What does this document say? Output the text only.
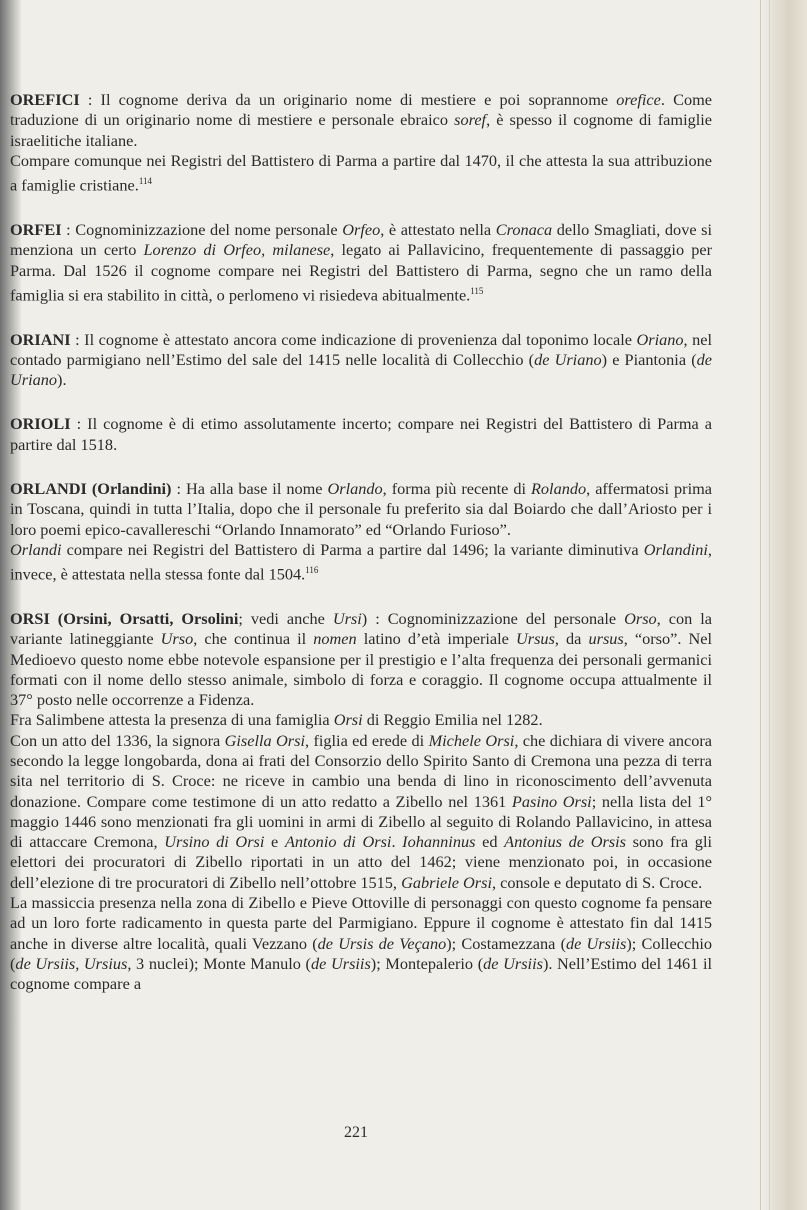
OREFICI : Il cognome deriva da un originario nome di mestiere e poi soprannome orefice. Come traduzione di un originario nome di mestiere e personale ebraico soref, è spesso il cognome di famiglie israelitiche italiane.

Compare comunque nei Registri del Battistero di Parma a partire dal 1470, il che attesta la sua attribuzione a famiglie cristiane.$^{114}$

ORFEI : Cognominizzazione del nome personale Orfeo, è attestato nella Cronaca dello Smagliati, dove si menziona un certo Lorenzo di Orfeo, milanese, legato ai Pallavicino, frequentemente di passaggio per Parma. Dal 1526 il cognome compare nei Registri del Battistero di Parma, segno che un ramo della famiglia si era stabilito in città, o perlomeno vi risiedeva abitualmente.$^{115}$

ORIANI : Il cognome è attestato ancora come indicazione di provenienza dal toponimo locale Oriano, nel contado parmigiano nell’Estimo del sale del 1415 nelle località di Collecchio (de Uriano) e Piantonia (de Uriano).

ORIOLI : Il cognome è di etimo assolutamente incerto; compare nei Registri del Battistero di Parma a partire dal 1518.

ORLANDI (Orlandini) : Ha alla base il nome Orlando, forma più recente di Rolando, affermatosi prima in Toscana, quindi in tutta l’Italia, dopo che il personale fu preferito sia dal Boiardo che dall’Ariosto per i loro poemi epico-cavallereschi “Orlando Innamorato” ed “Orlando Furioso”.

Orlandi compare nei Registri del Battistero di Parma a partire dal 1496; la variante diminutiva Orlandini, invece, è attestata nella stessa fonte dal 1504.$^{116}$

ORSI (Orsini, Orsatti, Orsolini; vedi anche Ursi) : Cognominizzazione del personale Orso, con la variante latineggiante Urso, che continua il nomen latino d’età imperiale Ursus, da ursus, “orso”. Nel Medioevo questo nome ebbe notevole espansione per il prestigio e l’alta frequenza dei personali germanici formati con il nome dello stesso animale, simbolo di forza e coraggio. Il cognome occupa attualmente il 37° posto nelle occorrenze a Fidenza.

Fra Salimbene attesta la presenza di una famiglia Orsi di Reggio Emilia nel 1282.

Con un atto del 1336, la signora Gisella Orsi, figlia ed erede di Michele Orsi, che dichiara di vivere ancora secondo la legge longobarda, dona ai frati del Consorzio dello Spirito Santo di Cremona una pezza di terra sita nel territorio di S. Croce: ne riceve in cambio una benda di lino in riconoscimento dell’avvenuta donazione. Compare come testimone di un atto redatto a Zibello nel 1361 Pasino Orsi; nella lista del 1° maggio 1446 sono menzionati fra gli uomini in armi di Zibello al seguito di Rolando Pallavicino, in attesa di attaccare Cremona, Ursino di Orsi e Antonio di Orsi. Iohanninus ed Antonius de Orsis sono fra gli elettori dei procuratori di Zibello riportati in un atto del 1462; viene menzionato poi, in occasione dell’elezione di tre procuratori di Zibello nell’ottobre 1515, Gabriele Orsi, console e deputato di S. Croce.

La massiccia presenza nella zona di Zibello e Pieve Ottoville di personaggi con questo cognome fa pensare ad un loro forte radicamento in questa parte del Parmigiano. Eppure il cognome è attestato fin dal 1415 anche in diverse altre località, quali Vezzano (de Ursis de Veçano); Costamezzana (de Ursiis); Collecchio (de Ursiis, Ursius, 3 nuclei); Monte Manulo (de Ursiis); Montepalerio (de Ursiis). Nell’Estimo del 1461 il cognome compare a

221
